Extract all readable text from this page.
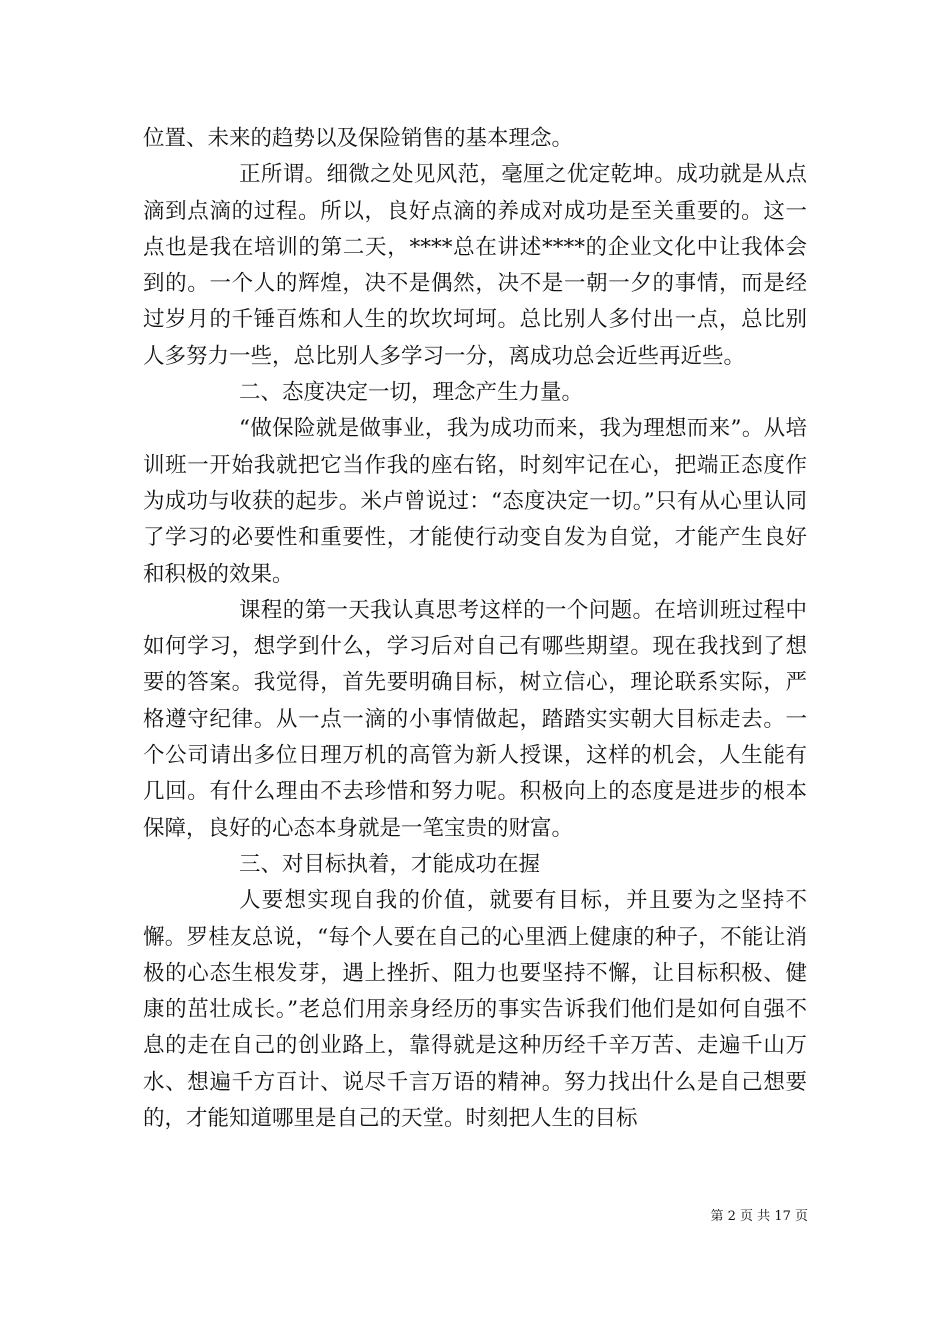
位置、未来的趋势以及保险销售的基本理念。

正所谓。细微之处见风范，毫厘之优定乾坤。成功就是从点滴到点滴的过程。所以，良好点滴的养成对成功是至关重要的。这一点也是我在培训的第二天，****总在讲述****的企业文化中让我体会到的。一个人的辉煌，决不是偶然，决不是一朝一夕的事情，而是经过岁月的千锤百炼和人生的坎坎坷坷。总比别人多付出一点，总比别人多努力一些，总比别人多学习一分，离成功总会近些再近些。

二、态度决定一切，理念产生力量。

“做保险就是做事业，我为成功而来，我为理想而来”。从培训班一开始我就把它当作我的座右铭，时刻牢记在心，把端正态度作为成功与收获的起步。米卢曾说过：“态度决定一切。”只有从心里认同了学习的必要性和重要性，才能使行动变自发为自觉，才能产生良好和积极的效果。

课程的第一天我认真思考这样的一个问题。在培训班过程中如何学习，想学到什么，学习后对自己有哪些期望。现在我找到了想要的答案。我觉得，首先要明确目标，树立信心，理论联系实际，严格遵守纪律。从一点一滴的小事情做起，踏踏实实朝大目标走去。一个公司请出多位日理万机的高管为新人授课，这样的机会，人生能有几回。有什么理由不去珍惜和努力呢。积极向上的态度是进步的根本保障，良好的心态本身就是一笔宝贵的财富。

三、对目标执着，才能成功在握

人要想实现自我的价值，就要有目标，并且要为之坚持不懈。罗桂友总说，“每个人要在自己的心里洒上健康的种子，不能让消极的心态生根发芽，遇上挫折、阻力也要坚持不懈，让目标积极、健康的茁壮成长。”老总们用亲身经历的事实告诉我们他们是如何自强不息的走在自己的创业路上，靠得就是这种历经千辛万苦、走遍千山万水、想遍千方百计、说尽千言万语的精神。努力找出什么是自己想要的，才能知道哪里是自己的天堂。时刻把人生的目标

第 2 页 共 17 页
